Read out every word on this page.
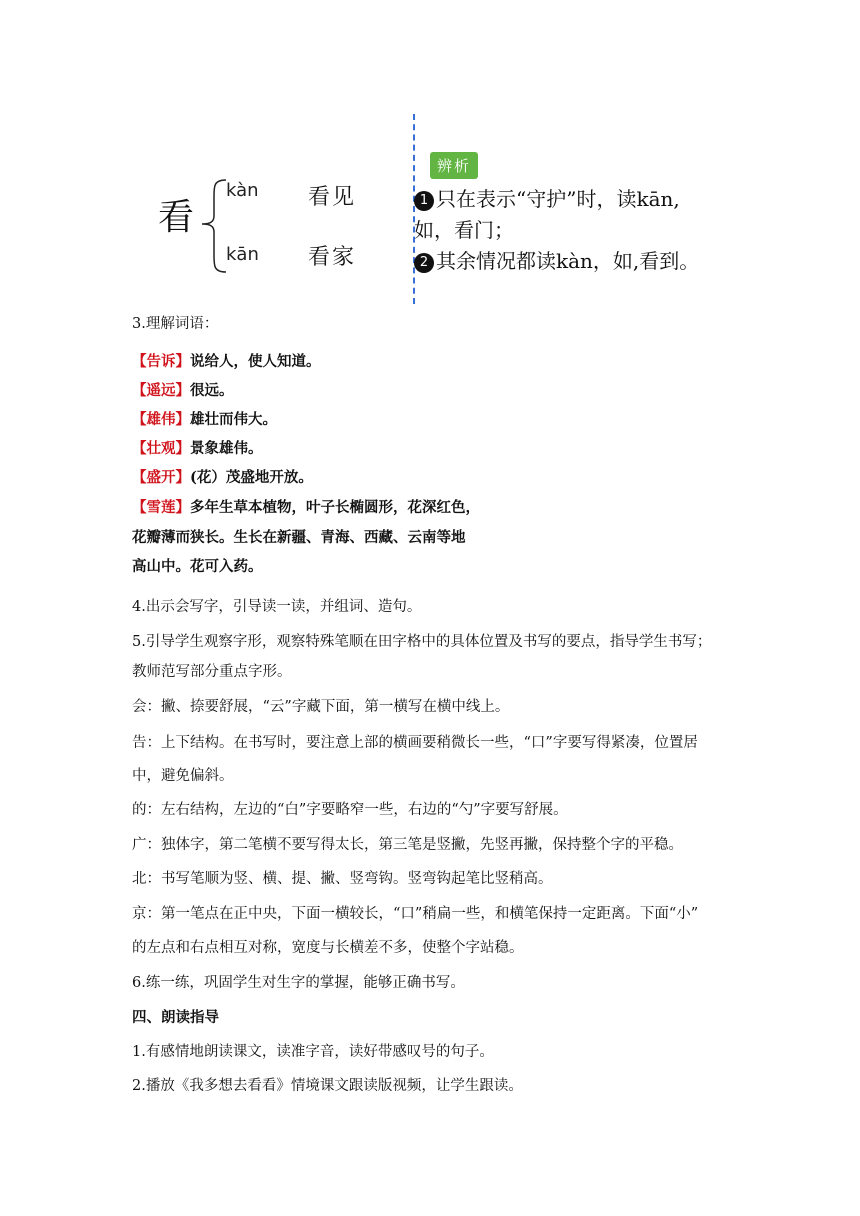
看
kàn 看见
kān 看家
辨析
1 只在表示“守护”时，读kān,如，看门；
2 其余情况都读kàn，如,看到。
3.理解词语：
【告诉】说给人，使人知道。
【遥远】很远。
【雄伟】雄壮而伟大。
【壮观】景象雄伟。
【盛开】(花）茂盛地开放。
【雪莲】多年生草本植物，叶子长椭圆形，花深红色，
花瓣薄而狭长。生长在新疆、青海、西藏、云南等地
高山中。花可入药。
4.出示会写字，引导读一读，并组词、造句。
5.引导学生观察字形，观察特殊笔顺在田字格中的具体位置及书写的要点，指导学生书写；
教师范写部分重点字形。
会：撇、捺要舒展，“云”字藏下面，第一横写在横中线上。
告：上下结构。在书写时，要注意上部的横画要稍微长一些，“口”字要写得紧凑，位置居
中，避免偏斜。
的：左右结构，左边的“白”字要略窄一些，右边的“勺”字要写舒展。
广：独体字，第二笔横不要写得太长，第三笔是竖撇，先竖再撇，保持整个字的平稳。
北：书写笔顺为竖、横、提、撇、竖弯钩。竖弯钩起笔比竖稍高。
京：第一笔点在正中央，下面一横较长，“口”稍扁一些，和横笔保持一定距离。下面“小”
的左点和右点相互对称，宽度与长横差不多，使整个字站稳。
6.练一练，巩固学生对生字的掌握，能够正确书写。
四、朗读指导
1.有感情地朗读课文，读准字音，读好带感叹号的句子。
2.播放《我多想去看看》情境课文跟读版视频，让学生跟读。
